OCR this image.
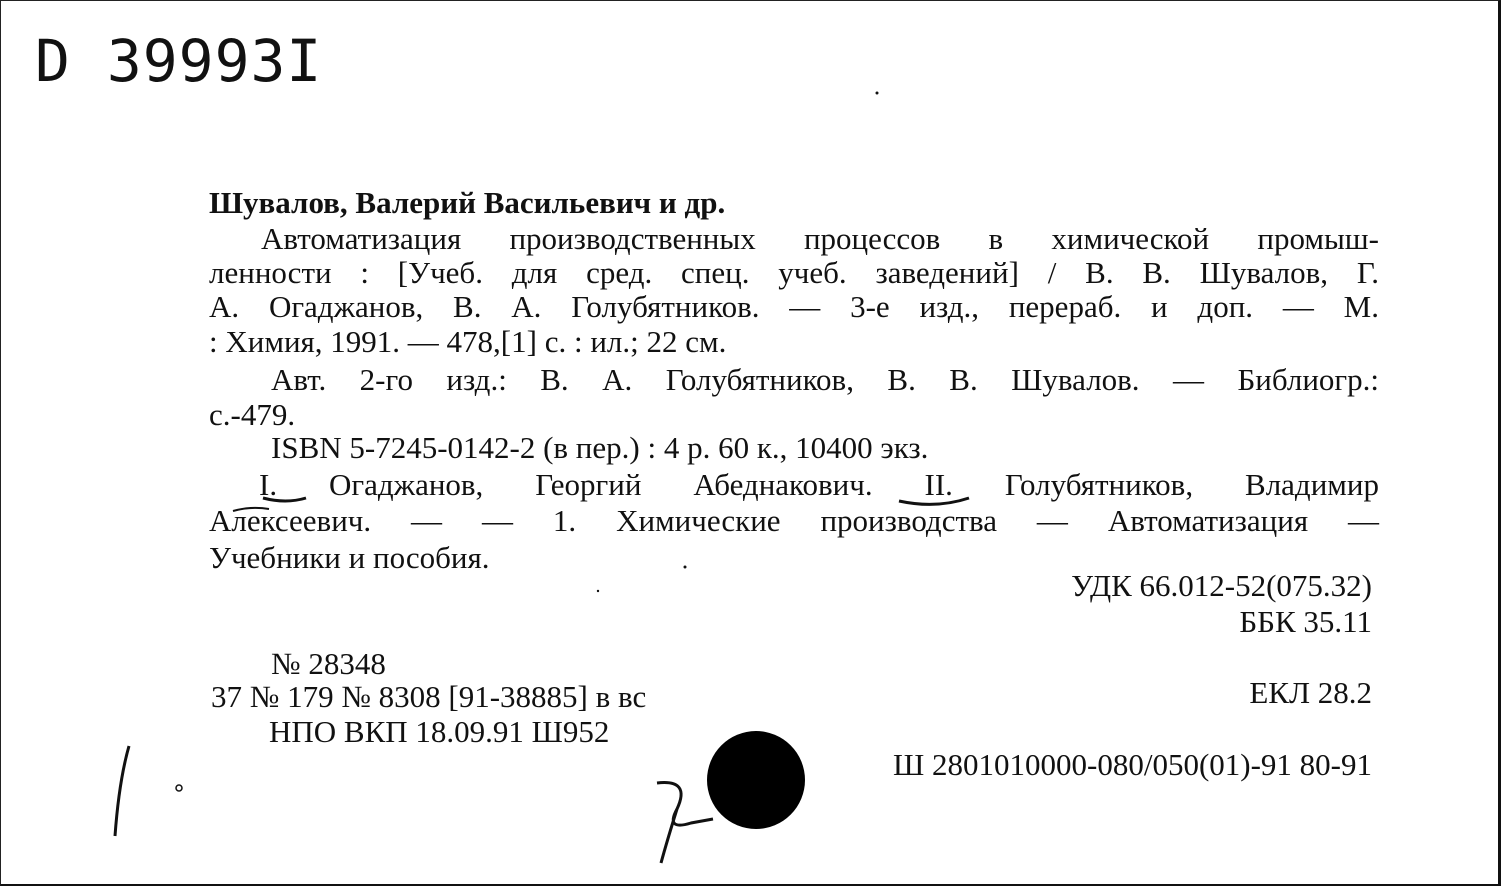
D 39993I
Шувалов, Валерий Васильевич и др.
Автоматизация производственных процессов в химической промыш-
ленности : [Учеб. для сред. спец. учеб. заведений] / В. В. Шувалов, Г.
А. Огаджанов, В. А. Голубятников. — 3-е изд., перераб. и доп. — М.
: Химия, 1991. — 478,[1] с. : ил.; 22 см.
Авт. 2-го изд.: В. А. Голубятников, В. В. Шувалов. — Библиогр.:
с.-479.
ISBN 5-7245-0142-2 (в пер.) : 4 р. 60 к., 10400 экз.
I. Огаджанов, Георгий Абеднакович. II. Голубятников, Владимир
Алексеевич. — — 1. Химические производства — Автоматизация —
Учебники и пособия.
УДК 66.012-52(075.32)
ББК 35.11
№ 28348
37 № 179 № 8308 [91-38885] в вс
НПО ВКП 18.09.91 Ш952
ЕКЛ 28.2
Ш 2801010000-080/050(01)-91 80-91
